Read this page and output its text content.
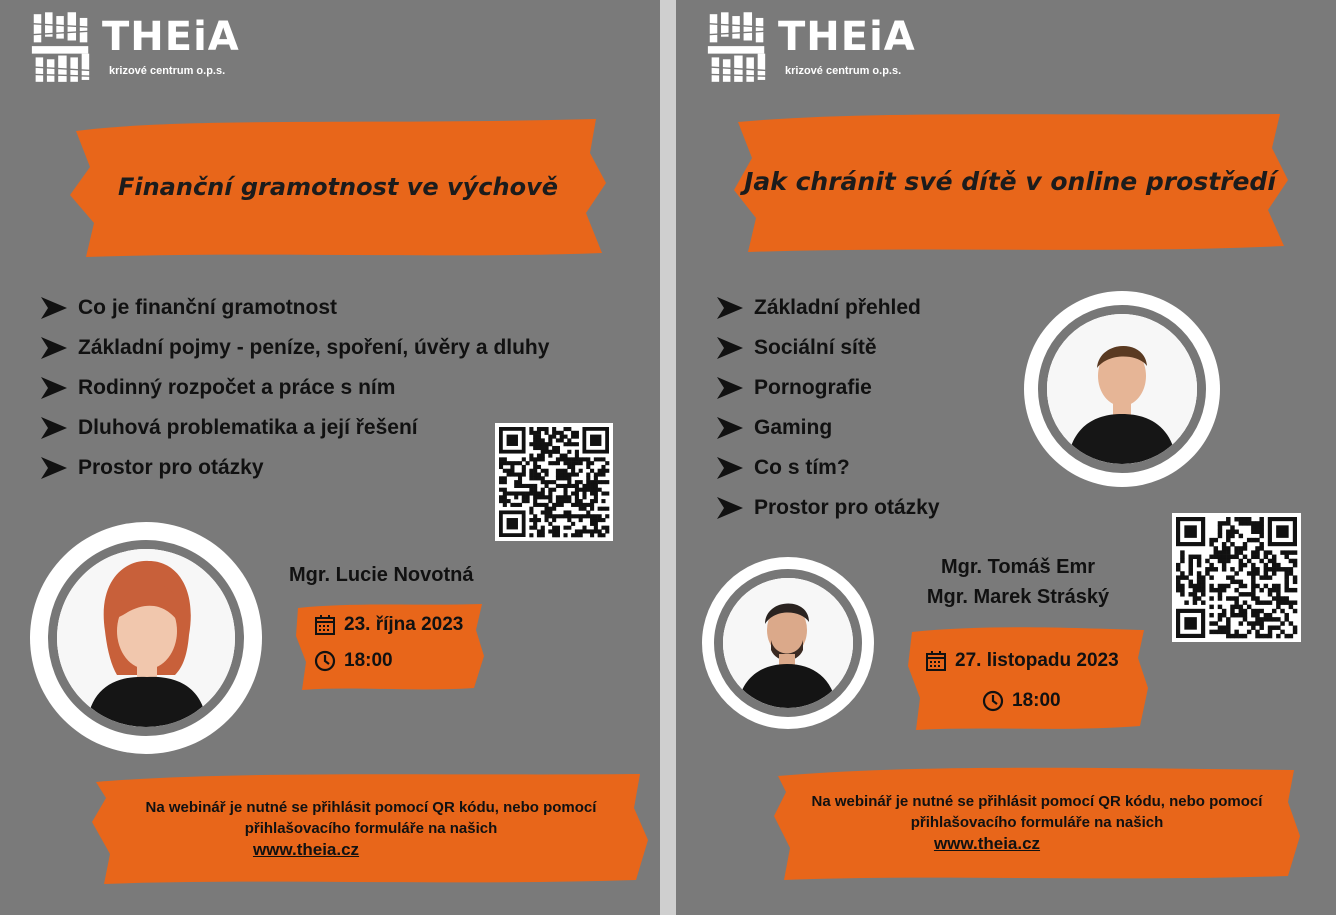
THEiA
krizové centrum o.p.s.
Finanční gramotnost ve výchově
Co je finanční gramotnost
Základní pojmy - peníze, spoření, úvěry a dluhy
Rodinný rozpočet a práce s ním
Dluhová problematika a její řešení
Prostor pro otázky
Mgr. Lucie Novotná
23. října 2023
18:00
Na webinář je nutné se přihlásit pomocí QR kódu, nebo pomocí
přihlašovacího formuláře na našich
www.theia.cz
THEiA
krizové centrum o.p.s.
Jak chránit své dítě v online prostředí
Základní přehled
Sociální sítě
Pornografie
Gaming
Co s tím?
Prostor pro otázky
Mgr. Tomáš Emr
Mgr. Marek Stráský
27. listopadu 2023
18:00
Na webinář je nutné se přihlásit pomocí QR kódu, nebo pomocí
přihlašovacího formuláře na našich
www.theia.cz
